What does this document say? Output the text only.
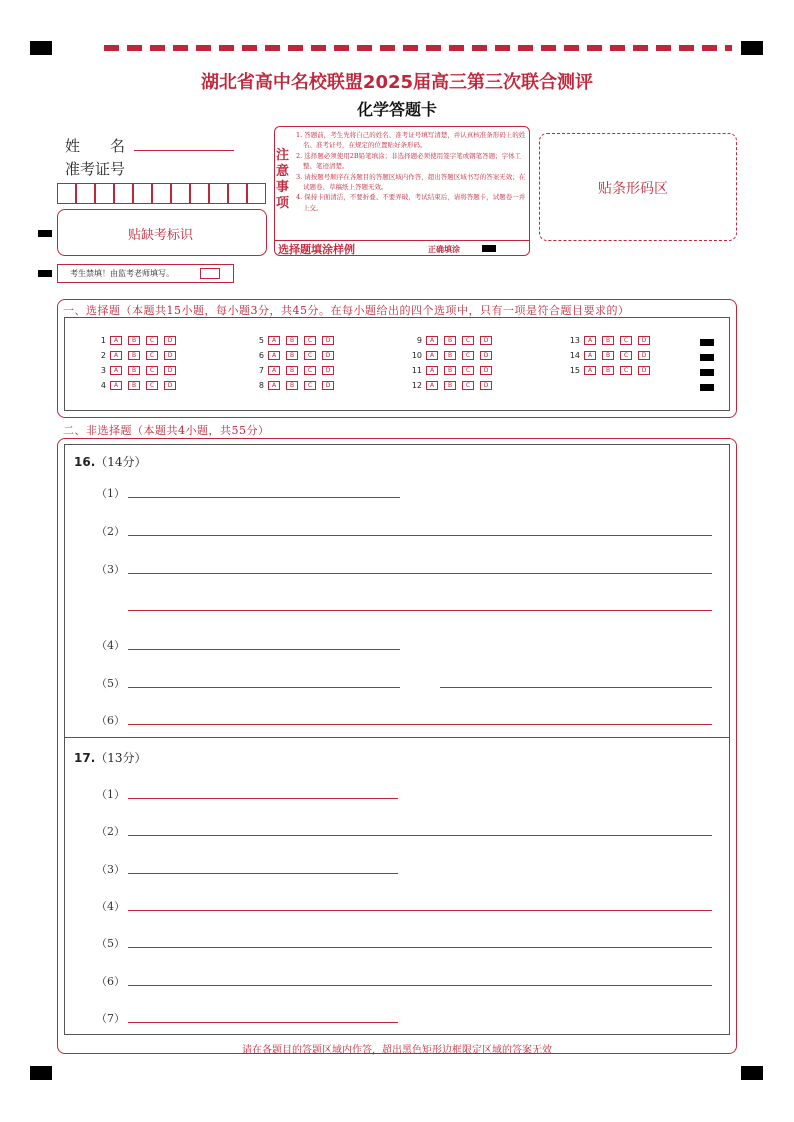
湖北省高中名校联盟2025届高三第三次联合测评
化学答题卡
姓　　名
准考证号
贴缺考标识
考生禁填！由监考老师填写。
注意事项
1. 答题前，考生先将自己的姓名、准考证号填写清楚，并认真核准条形码上的姓名、准考证号，在规定的位置贴好条形码。
2. 选择题必须使用2B铅笔填涂；非选择题必须使用签字笔或钢笔答题；字体工整、笔迹清楚。
3. 请按题号顺序在各题目的答题区域内作答，超出答题区域书写的答案无效；在试题卷、草稿纸上答题无效。
4. 保持卡面清洁，不要折叠、不要弄破，考试结束后，请将答题卡，试题卷一并上交。
选择题填涂样例	正确填涂
贴条形码区
一、选择题（本题共15小题，每小题3分，共45分。在每小题给出的四个选项中，只有一项是符合题目要求的）
1	A	B	C	D
2	A	B	C	D
3	A	B	C	D
4	A	B	C	D
5	A	B	C	D
6	A	B	C	D
7	A	B	C	D
8	A	B	C	D
9	A	B	C	D
10	A	B	C	D
11	A	B	C	D
12	A	B	C	D
13	A	B	C	D
14	A	B	C	D
15	A	B	C	D
二、非选择题（本题共4小题，共55分）
16.（14分）
17.（13分）
（1）
（2）
（3）
（4）
（5）
（6）
（1）
（2）
（3）
（4）
（5）
（6）
（7）
请在各题目的答题区域内作答，超出黑色矩形边框限定区域的答案无效
